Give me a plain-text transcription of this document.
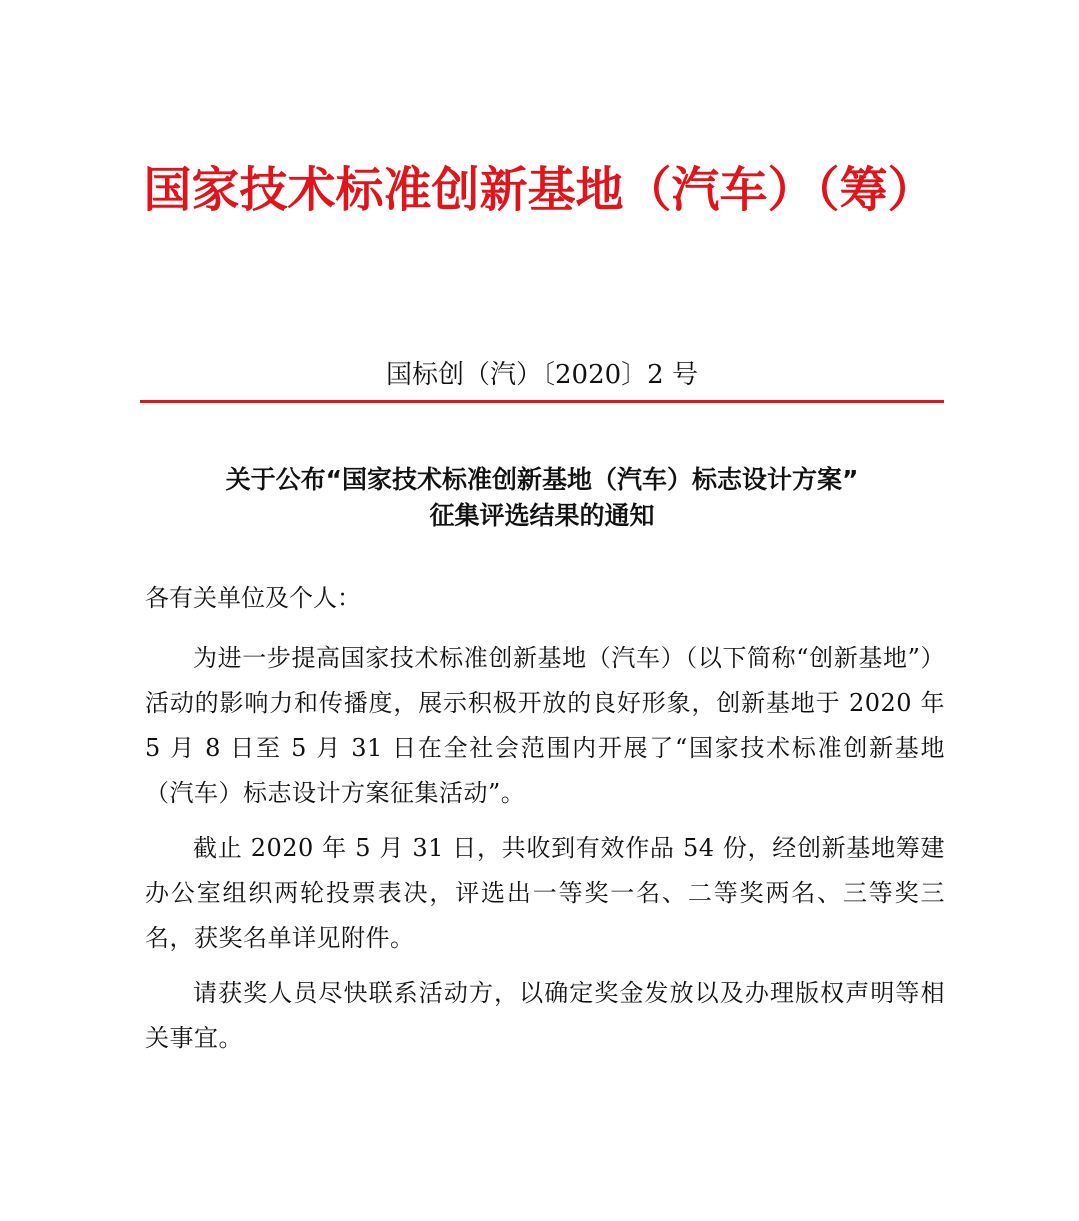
国家技术标准创新基地（汽车）（筹）
国标创（汽）〔2020〕2 号
关于公布“国家技术标准创新基地（汽车）标志设计方案”
征集评选结果的通知
各有关单位及个人：

为进一步提高国家技术标准创新基地（汽车）（以下简称“创新基地”）活动的影响力和传播度，展示积极开放的良好形象，创新基地于 2020 年 5 月 8 日至 5 月 31 日在全社会范围内开展了“国家技术标准创新基地（汽车）标志设计方案征集活动”。

截止 2020 年 5 月 31 日，共收到有效作品 54 份，经创新基地筹建办公室组织两轮投票表决，评选出一等奖一名、二等奖两名、三等奖三名，获奖名单详见附件。

请获奖人员尽快联系活动方，以确定奖金发放以及办理版权声明等相关事宜。
